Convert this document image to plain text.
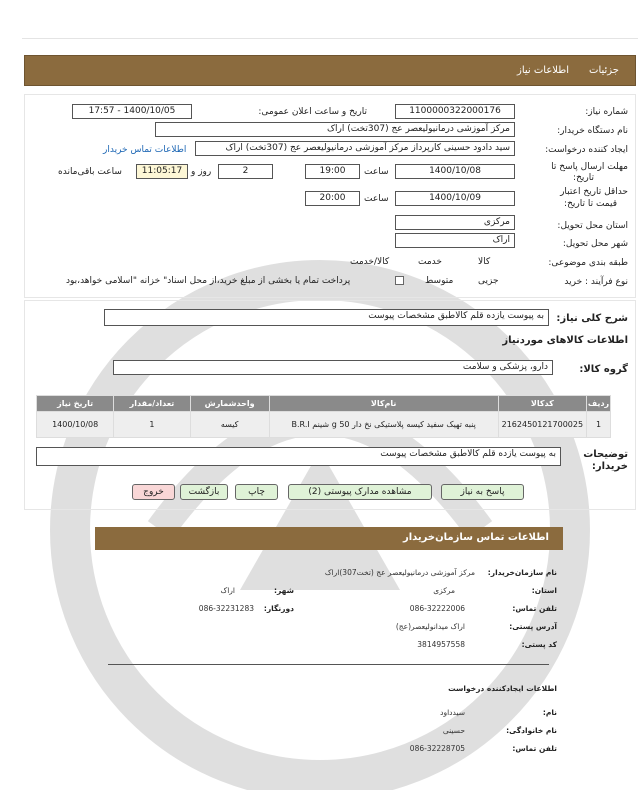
جزئیات
اطلاعات نیاز
شماره نیاز:
1100000322000176
تاریخ و ساعت اعلان عمومی:
1400/10/05 - 17:57
نام دستگاه خریدار:
مرکز آموزشی درمانیولیعصر عج (307تخت) اراک
ایجاد کننده درخواست:
سید دادود حسینی کارپرداز مرکز آموزشی درمانیولیعصر عج (307تخت) اراک
اطلاعات تماس خریدار
مهلت ارسال پاسخ تا
تاریخ:
1400/10/08
ساعت
19:00
2
روز و
11:05:17
ساعت باقی‌مانده
حداقل تاریخ اعتبار
قیمت تا تاریخ:
1400/10/09
ساعت
20:00
استان محل تحویل:
مرکزی
شهر محل تحویل:
اراک
طبقه بندی موضوعی:

کالا

خدمت

کالا/خدمت
نوع فرآیند : خرید

جزیی
متوسط
پرداخت تمام یا بخشی از مبلغ خرید،از محل اسناد" خزانه "اسلامی خواهد،بود
شرح کلی نیاز:
به پیوست یازده قلم کالاطبق مشخصات پیوست
اطلاعات کالاهای موردنیاز
گروه کالا:
دارو، پزشکی و سلامت
ردیف	کدکالا	نام‌کالا	واحدشمارش	تعداد/مقدار	تاریخ نیاز
1	2162450121700025	پنبه تهیک سفید کیسه پلاستیکی نخ دار 50 g شینم B.R.I	کیسه	1	1400/10/08
توضیحات
خریدار:
به پیوست یازده قلم کالاطبق مشخصات پیوست
پاسخ به نیاز
مشاهده مدارک پیوستی (2)
چاپ
بازگشت
خروج
اطلاعات تماس سازمان‌خریدار
نام سازمان‌خریدار:
مرکز آموزشی درمانیولیعصر عج (تخت307)اراک
استان:
مرکزی
شهر:
اراک
تلفن تماس:
086-32222006
دورنگار:
086-32231283
آدرس پستی:
اراک میدانولیعصر(عج)
کد پستی:
3814957558
اطلاعات ایجادکننده درخواست
نام:
سیدداود
نام خانوادگی:
حسینی
تلفن تماس:
086-32228705
